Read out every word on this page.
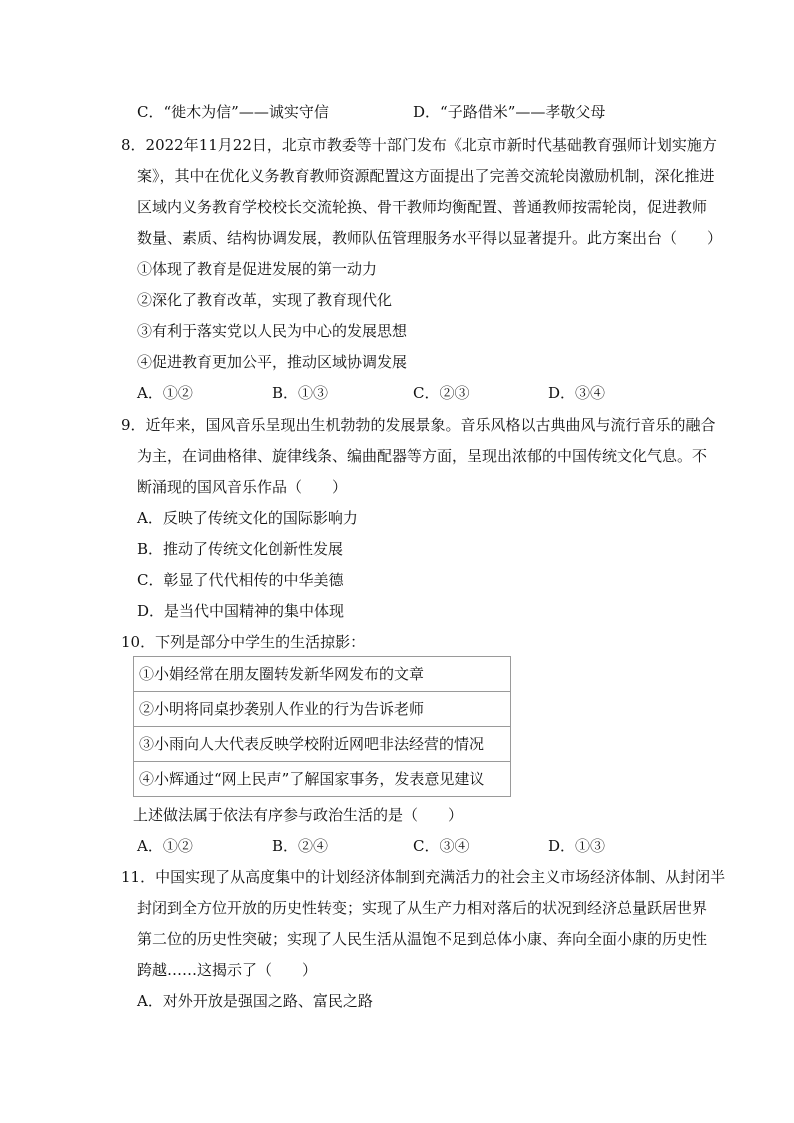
C．“徙木为信”——诚实守信	D．“子路借米”——孝敬父母
8．2022年11月22日，北京市教委等十部门发布《北京市新时代基础教育强师计划实施方
案》，其中在优化义务教育教师资源配置这方面提出了完善交流轮岗激励机制，深化推进
区域内义务教育学校校长交流轮换、骨干教师均衡配置、普通教师按需轮岗，促进教师
数量、素质、结构协调发展，教师队伍管理服务水平得以显著提升。此方案出台（　　）
①体现了教育是促进发展的第一动力
②深化了教育改革，实现了教育现代化
③有利于落实党以人民为中心的发展思想
④促进教育更加公平，推动区域协调发展
A．①②	B．①③	C．②③	D．③④
9．近年来，国风音乐呈现出生机勃勃的发展景象。音乐风格以古典曲风与流行音乐的融合
为主，在词曲格律、旋律线条、编曲配器等方面，呈现出浓郁的中国传统文化气息。不
断涌现的国风音乐作品（　　）
A．反映了传统文化的国际影响力
B．推动了传统文化创新性发展
C．彰显了代代相传的中华美德
D．是当代中国精神的集中体现
10．下列是部分中学生的生活掠影：
①小娟经常在朋友圈转发新华网发布的文章
②小明将同桌抄袭别人作业的行为告诉老师
③小雨向人大代表反映学校附近网吧非法经营的情况
④小辉通过“网上民声”了解国家事务，发表意见建议
上述做法属于依法有序参与政治生活的是（　　）
A．①②	B．②④	C．③④	D．①③
11．中国实现了从高度集中的计划经济体制到充满活力的社会主义市场经济体制、从封闭半
封闭到全方位开放的历史性转变；实现了从生产力相对落后的状况到经济总量跃居世界
第二位的历史性突破；实现了人民生活从温饱不足到总体小康、奔向全面小康的历史性
跨越……这揭示了（　　）
A．对外开放是强国之路、富民之路
